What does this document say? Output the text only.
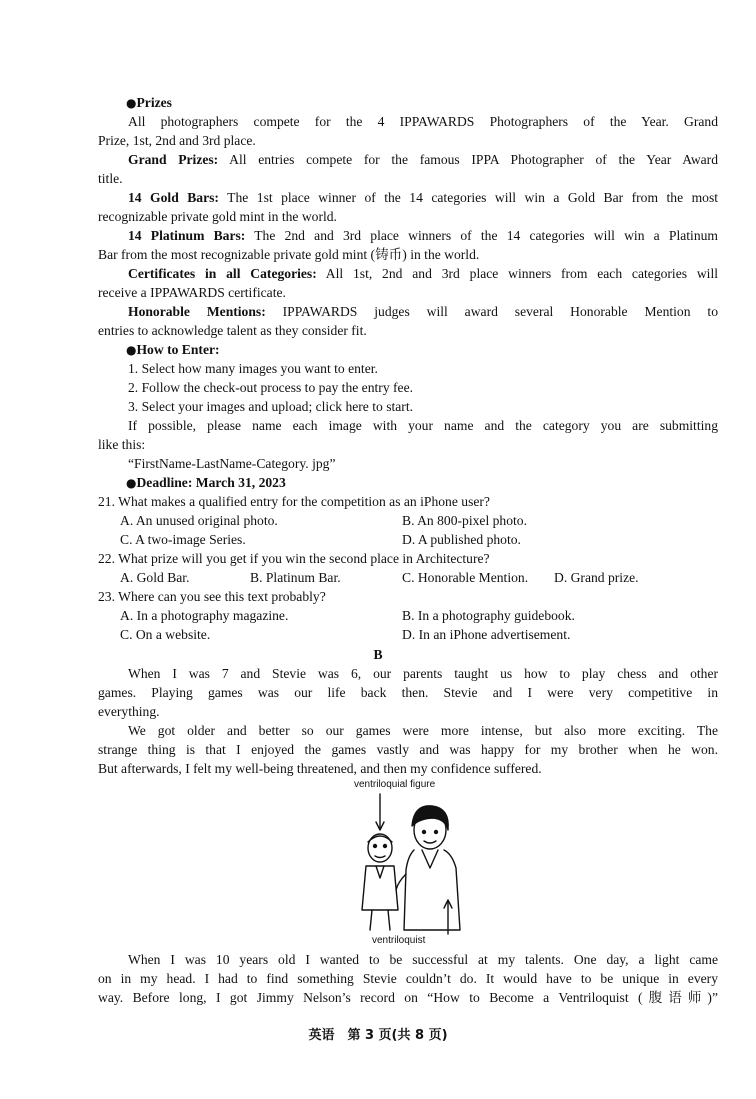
●Prizes

All photographers compete for the 4 IPPAWARDS Photographers of the Year. Grand

Prize, 1st, 2nd and 3rd place.

Grand Prizes: All entries compete for the famous IPPA Photographer of the Year Award

title.

14 Gold Bars: The 1st place winner of the 14 categories will win a Gold Bar from the most

recognizable private gold mint in the world.

14 Platinum Bars: The 2nd and 3rd place winners of the 14 categories will win a Platinum

Bar from the most recognizable private gold mint (铸币) in the world.

Certificates in all Categories: All 1st, 2nd and 3rd place winners from each categories will

receive a IPPAWARDS certificate.

Honorable Mentions: IPPAWARDS judges will award several Honorable Mention to

entries to acknowledge talent as they consider fit.

●How to Enter:

1. Select how many images you want to enter.

2. Follow the check-out process to pay the entry fee.

3. Select your images and upload; click here to start.

If possible, please name each image with your name and the category you are submitting

like this:

“FirstName-LastName-Category. jpg”

●Deadline: March 31, 2023

21. What makes a qualified entry for the competition as an iPhone user?

A. An unused original photo.	B. An 800-pixel photo.

C. A two-image Series.	D. A published photo.

22. What prize will you get if you win the second place in Architecture?

A. Gold Bar.	B. Platinum Bar.	C. Honorable Mention. D. Grand prize.

23. Where can you see this text probably?

A. In a photography magazine.	B. In a photography guidebook.

C. On a website.	D. In an iPhone advertisement.

B

When I was 7 and Stevie was 6, our parents taught us how to play chess and other

games. Playing games was our life back then. Stevie and I were very competitive in

everything.

We got older and better so our games were more intense, but also more exciting. The

strange thing is that I enjoyed the games vastly and was happy for my brother when he won.

But afterwards, I felt my well-being threatened, and then my confidence suffered.

ventriloquial figure
ventriloquist

When I was 10 years old I wanted to be successful at my talents. One day, a light came

on in my head. I had to find something Stevie couldn’t do. It would have to be unique in every

way. Before long, I got Jimmy Nelson’s record on “How to Become a Ventriloquist (腹语师)”

英语　第 3 页(共 8 页)
